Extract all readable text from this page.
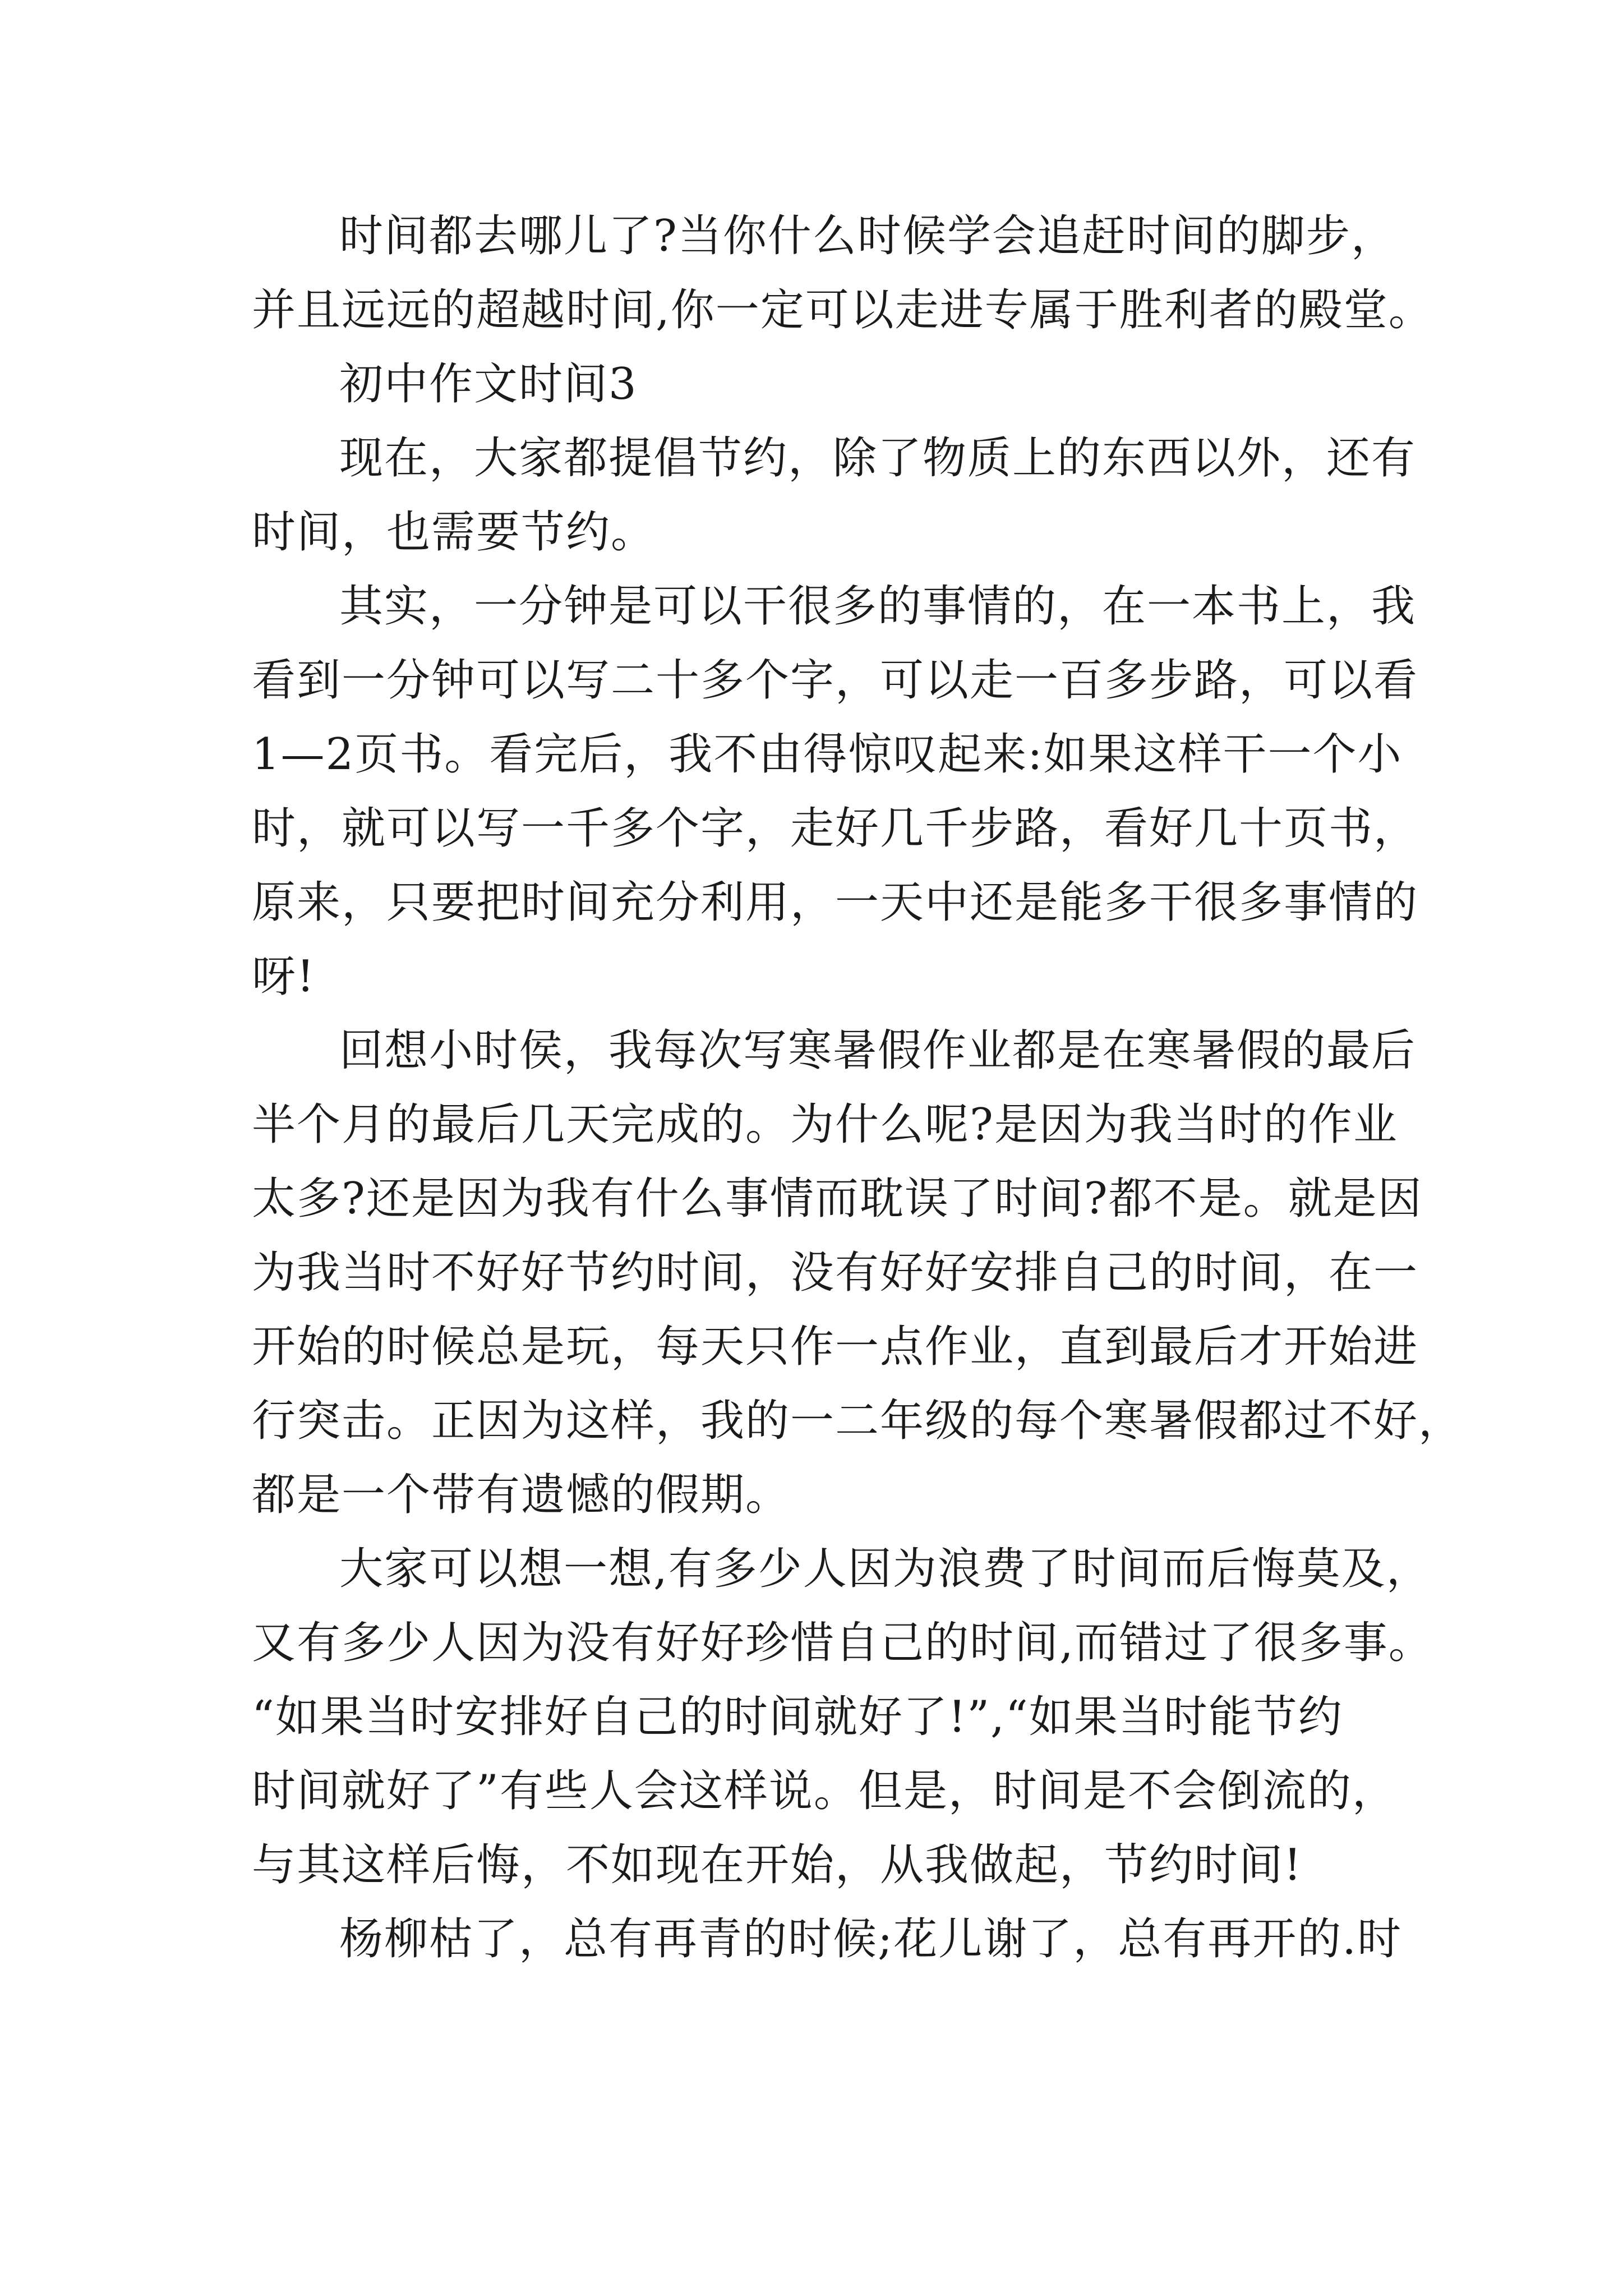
时间都去哪儿了?当你什么时候学会追赶时间的脚步，
并且远远的超越时间,你一定可以走进专属于胜利者的殿堂。
初中作文时间3
现在，大家都提倡节约，除了物质上的东西以外，还有
时间，也需要节约。
其实，一分钟是可以干很多的事情的，在一本书上，我
看到一分钟可以写二十多个字，可以走一百多步路，可以看
1—2页书。看完后，我不由得惊叹起来:如果这样干一个小
时，就可以写一千多个字，走好几千步路，看好几十页书，
原来，只要把时间充分利用，一天中还是能多干很多事情的
呀!
回想小时侯，我每次写寒暑假作业都是在寒暑假的最后
半个月的最后几天完成的。为什么呢?是因为我当时的作业
太多?还是因为我有什么事情而耽误了时间?都不是。就是因
为我当时不好好节约时间，没有好好安排自己的时间，在一
开始的时候总是玩，每天只作一点作业，直到最后才开始进
行突击。正因为这样，我的一二年级的每个寒暑假都过不好，
都是一个带有遗憾的假期。
大家可以想一想,有多少人因为浪费了时间而后悔莫及，
又有多少人因为没有好好珍惜自己的时间,而错过了很多事。
“如果当时安排好自己的时间就好了!”,“如果当时能节约
时间就好了”有些人会这样说。但是，时间是不会倒流的，
与其这样后悔，不如现在开始，从我做起，节约时间!
杨柳枯了，总有再青的时候;花儿谢了，总有再开的.时
